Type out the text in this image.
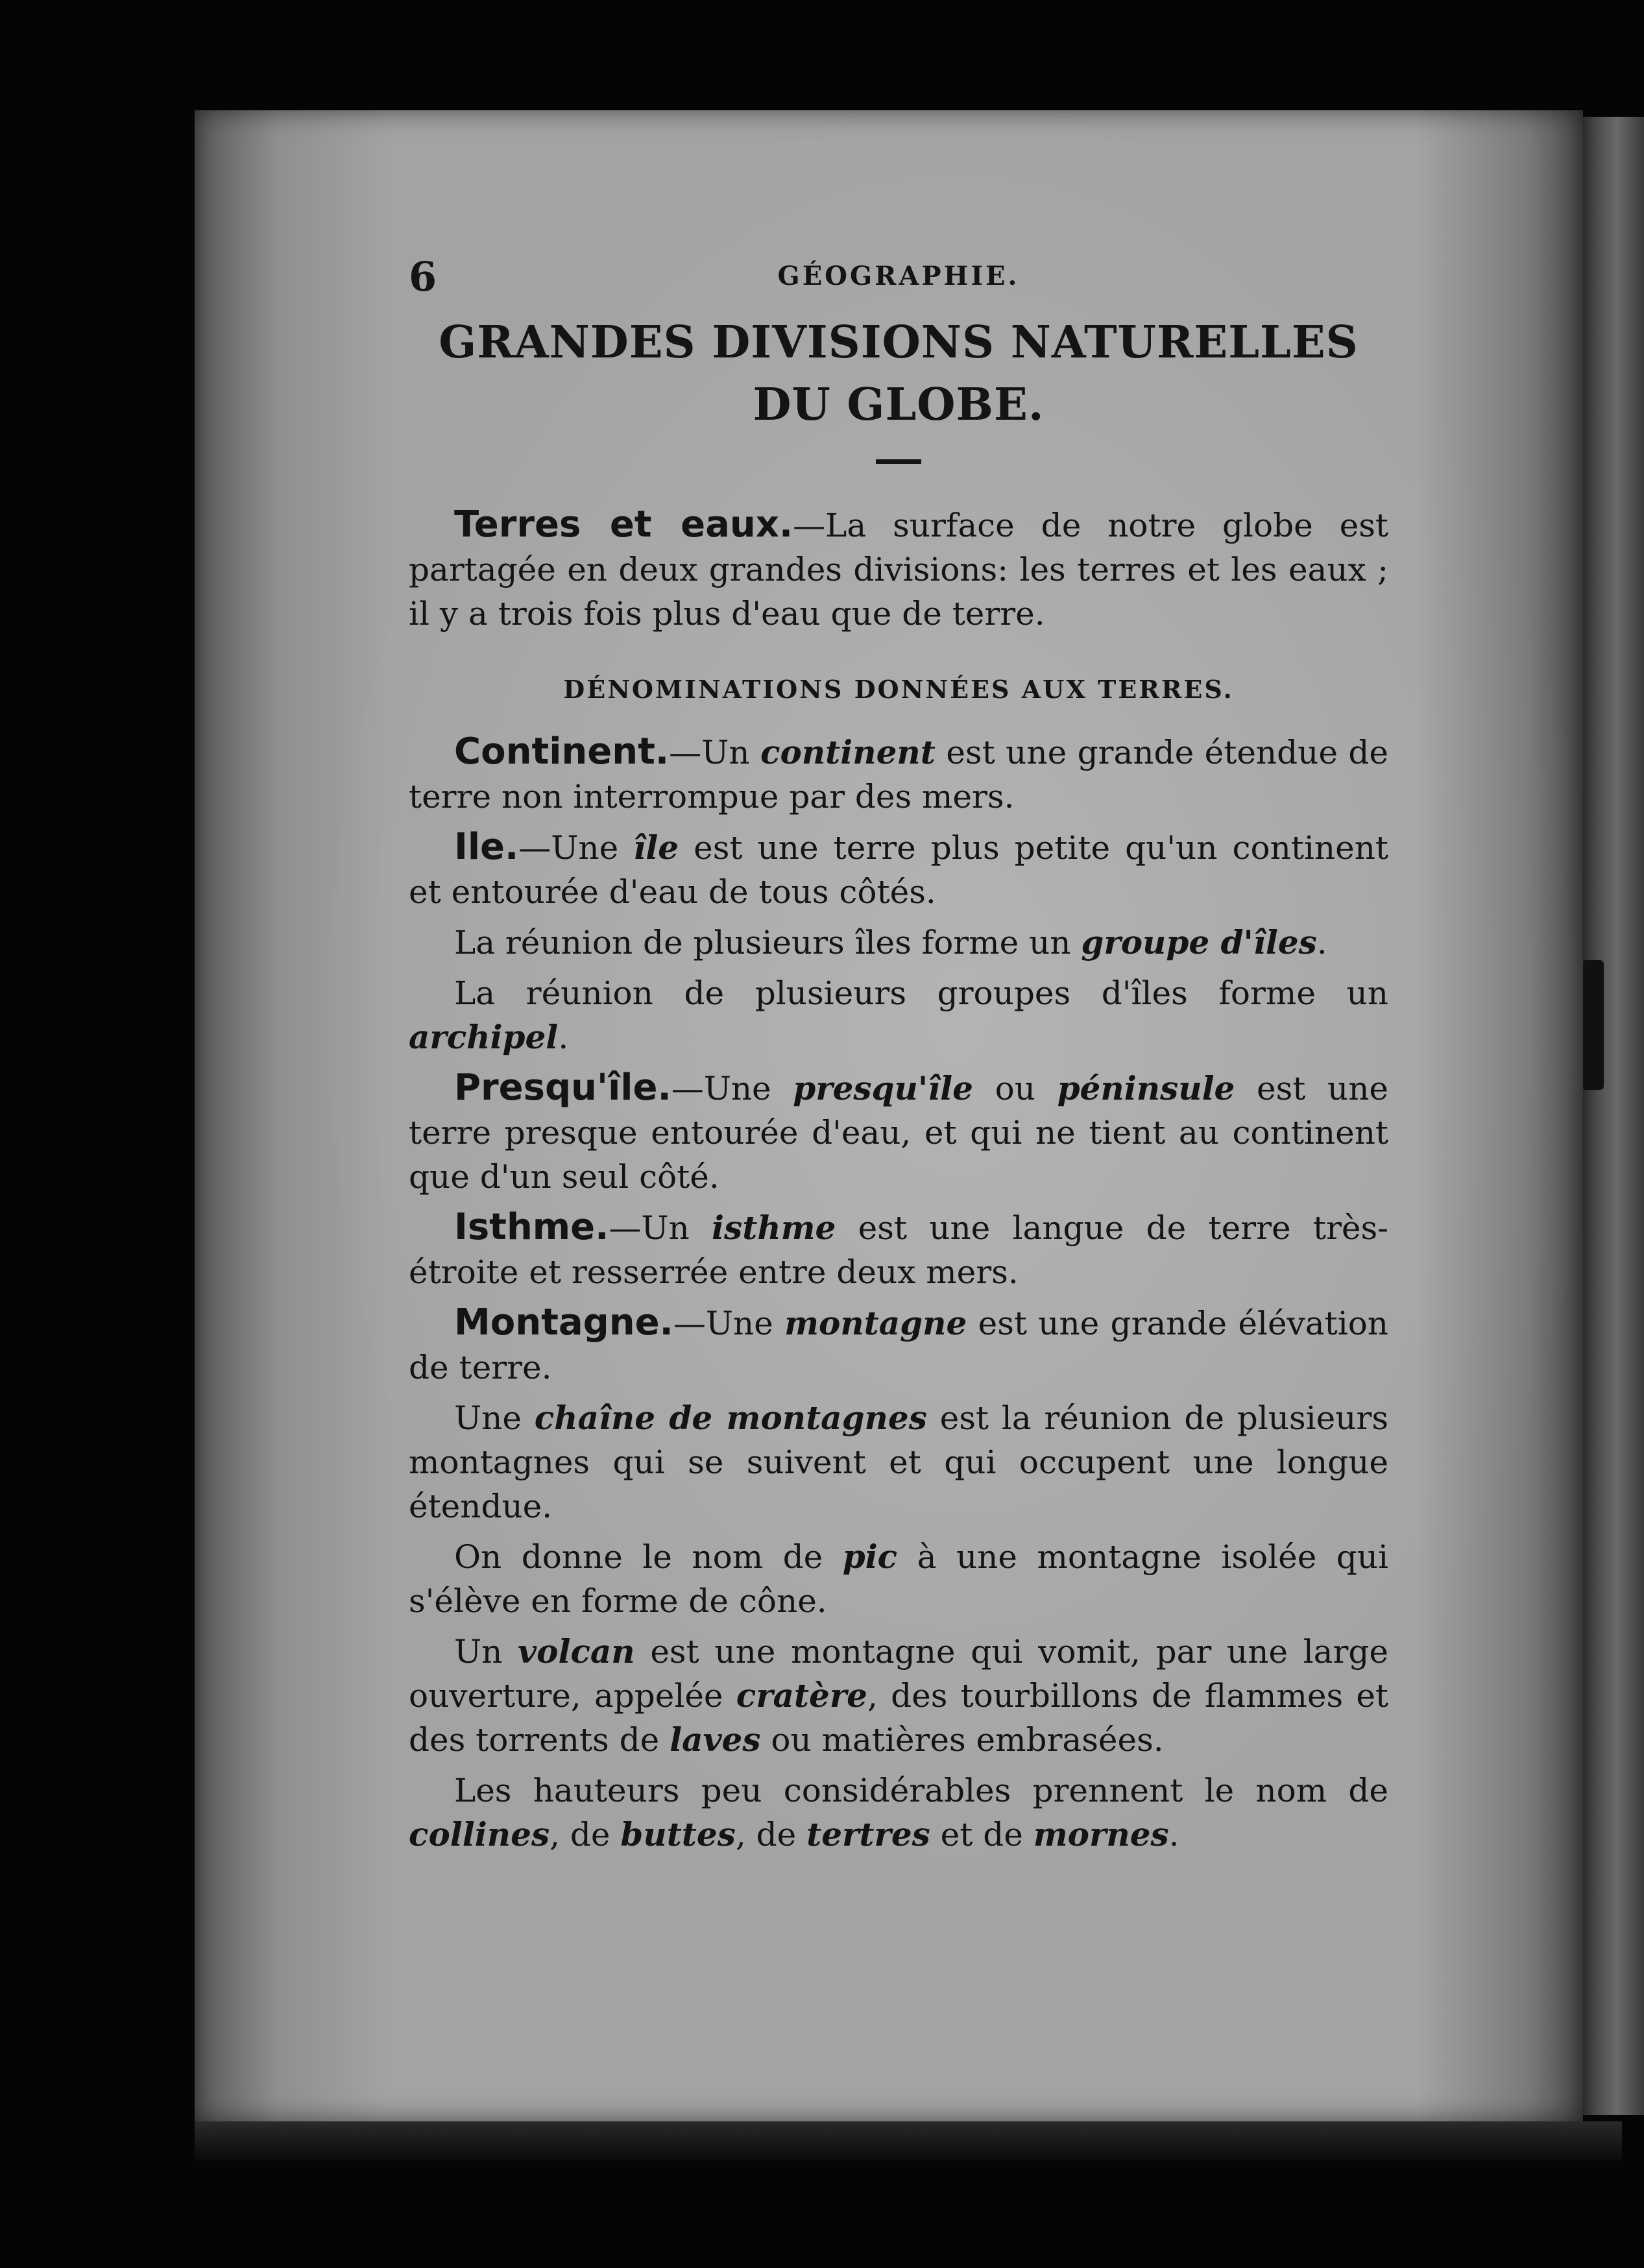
6	GÉOGRAPHIE.
GRANDES DIVISIONS NATURELLES
DU GLOBE.

Terres et eaux.—La surface de notre globe est partagée en deux grandes divisions: les terres et les eaux ; il y a trois fois plus d'eau que de terre.

DÉNOMINATIONS DONNÉES AUX TERRES.

Continent.—Un continent est une grande étendue de terre non interrompue par des mers.

Ile.—Une île est une terre plus petite qu'un continent et entourée d'eau de tous côtés.

La réunion de plusieurs îles forme un groupe d'îles.

La réunion de plusieurs groupes d'îles forme un archipel.

Presqu'île.—Une presqu'île ou péninsule est une terre presque entourée d'eau, et qui ne tient au continent que d'un seul côté.

Isthme.—Un isthme est une langue de terre très-étroite et resserrée entre deux mers.

Montagne.—Une montagne est une grande élévation de terre.

Une chaîne de montagnes est la réunion de plusieurs montagnes qui se suivent et qui occupent une longue étendue.

On donne le nom de pic à une montagne isolée qui s'élève en forme de cône.

Un volcan est une montagne qui vomit, par une large ouverture, appelée cratère, des tourbillons de flammes et des torrents de laves ou matières embrasées.

Les hauteurs peu considérables prennent le nom de collines, de buttes, de tertres et de mornes.
